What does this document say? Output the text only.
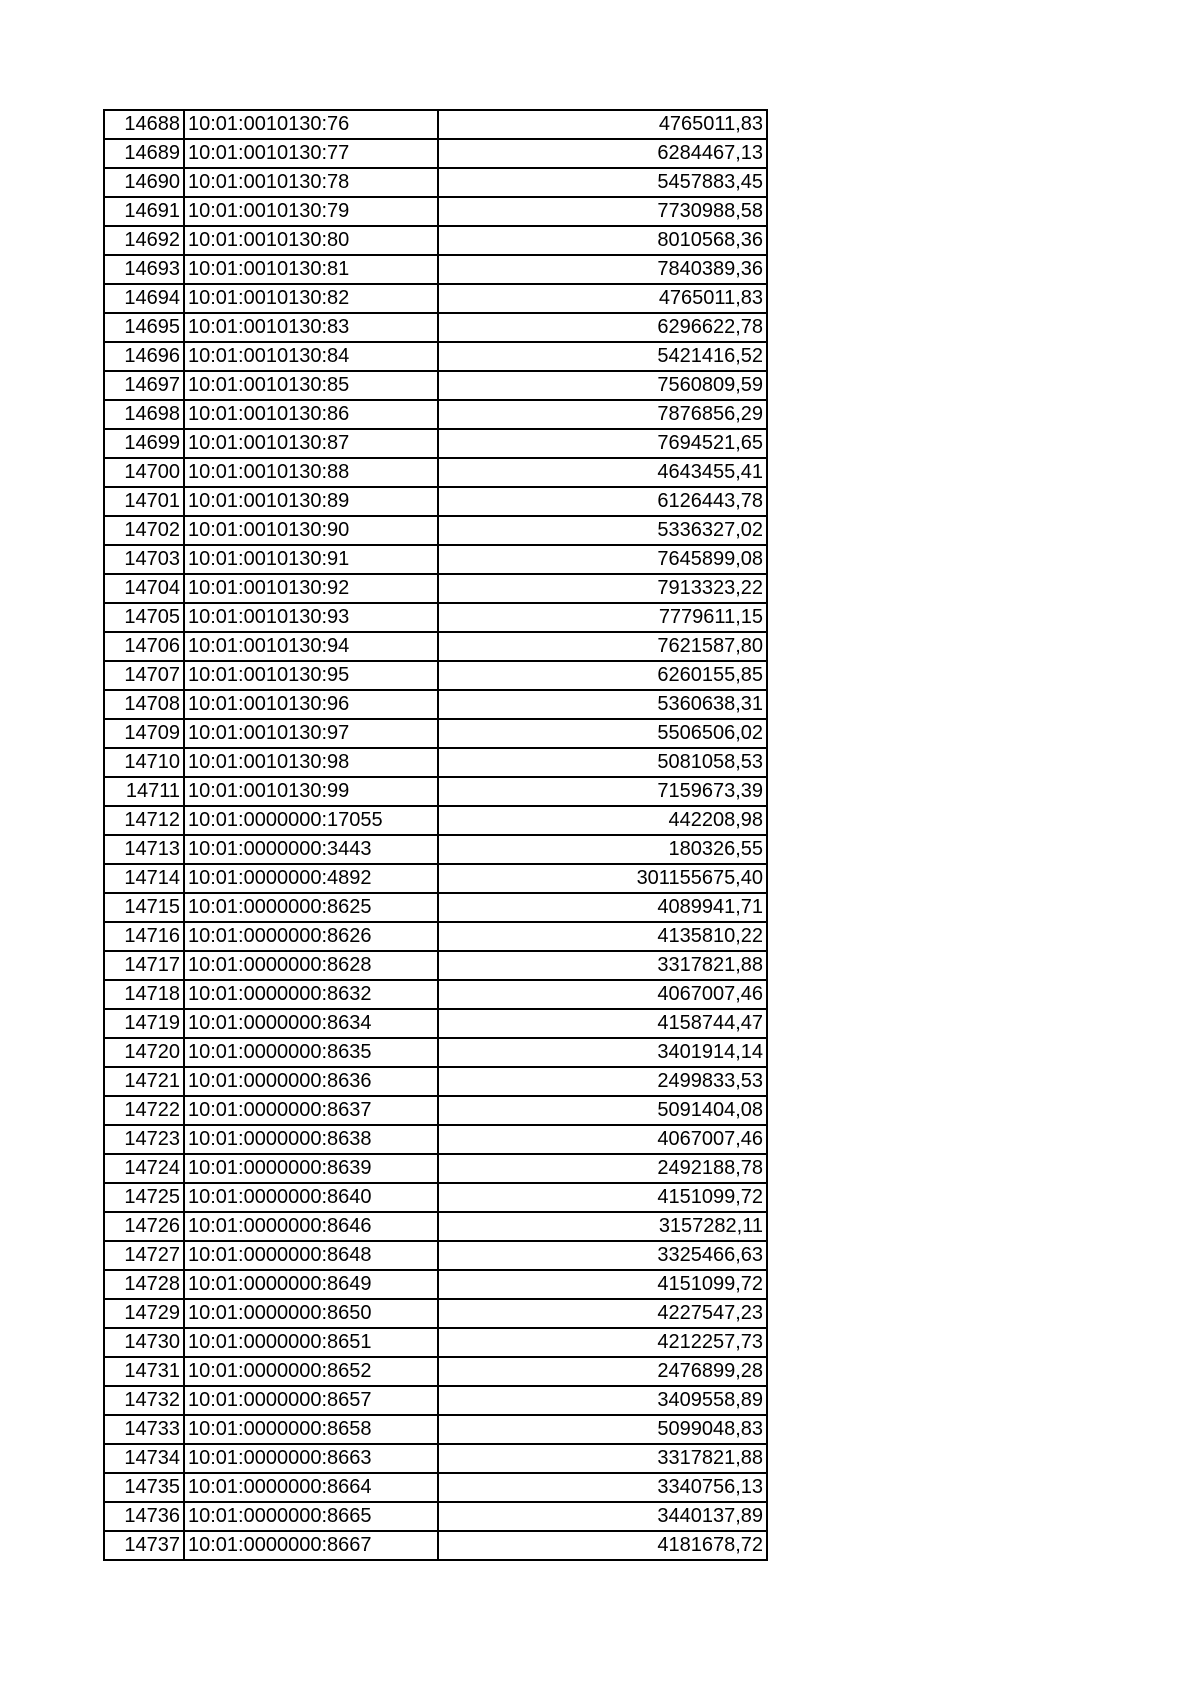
14688	10:01:0010130:76	4765011,83
14689	10:01:0010130:77	6284467,13
14690	10:01:0010130:78	5457883,45
14691	10:01:0010130:79	7730988,58
14692	10:01:0010130:80	8010568,36
14693	10:01:0010130:81	7840389,36
14694	10:01:0010130:82	4765011,83
14695	10:01:0010130:83	6296622,78
14696	10:01:0010130:84	5421416,52
14697	10:01:0010130:85	7560809,59
14698	10:01:0010130:86	7876856,29
14699	10:01:0010130:87	7694521,65
14700	10:01:0010130:88	4643455,41
14701	10:01:0010130:89	6126443,78
14702	10:01:0010130:90	5336327,02
14703	10:01:0010130:91	7645899,08
14704	10:01:0010130:92	7913323,22
14705	10:01:0010130:93	7779611,15
14706	10:01:0010130:94	7621587,80
14707	10:01:0010130:95	6260155,85
14708	10:01:0010130:96	5360638,31
14709	10:01:0010130:97	5506506,02
14710	10:01:0010130:98	5081058,53
14711	10:01:0010130:99	7159673,39
14712	10:01:0000000:17055	442208,98
14713	10:01:0000000:3443	180326,55
14714	10:01:0000000:4892	301155675,40
14715	10:01:0000000:8625	4089941,71
14716	10:01:0000000:8626	4135810,22
14717	10:01:0000000:8628	3317821,88
14718	10:01:0000000:8632	4067007,46
14719	10:01:0000000:8634	4158744,47
14720	10:01:0000000:8635	3401914,14
14721	10:01:0000000:8636	2499833,53
14722	10:01:0000000:8637	5091404,08
14723	10:01:0000000:8638	4067007,46
14724	10:01:0000000:8639	2492188,78
14725	10:01:0000000:8640	4151099,72
14726	10:01:0000000:8646	3157282,11
14727	10:01:0000000:8648	3325466,63
14728	10:01:0000000:8649	4151099,72
14729	10:01:0000000:8650	4227547,23
14730	10:01:0000000:8651	4212257,73
14731	10:01:0000000:8652	2476899,28
14732	10:01:0000000:8657	3409558,89
14733	10:01:0000000:8658	5099048,83
14734	10:01:0000000:8663	3317821,88
14735	10:01:0000000:8664	3340756,13
14736	10:01:0000000:8665	3440137,89
14737	10:01:0000000:8667	4181678,72
